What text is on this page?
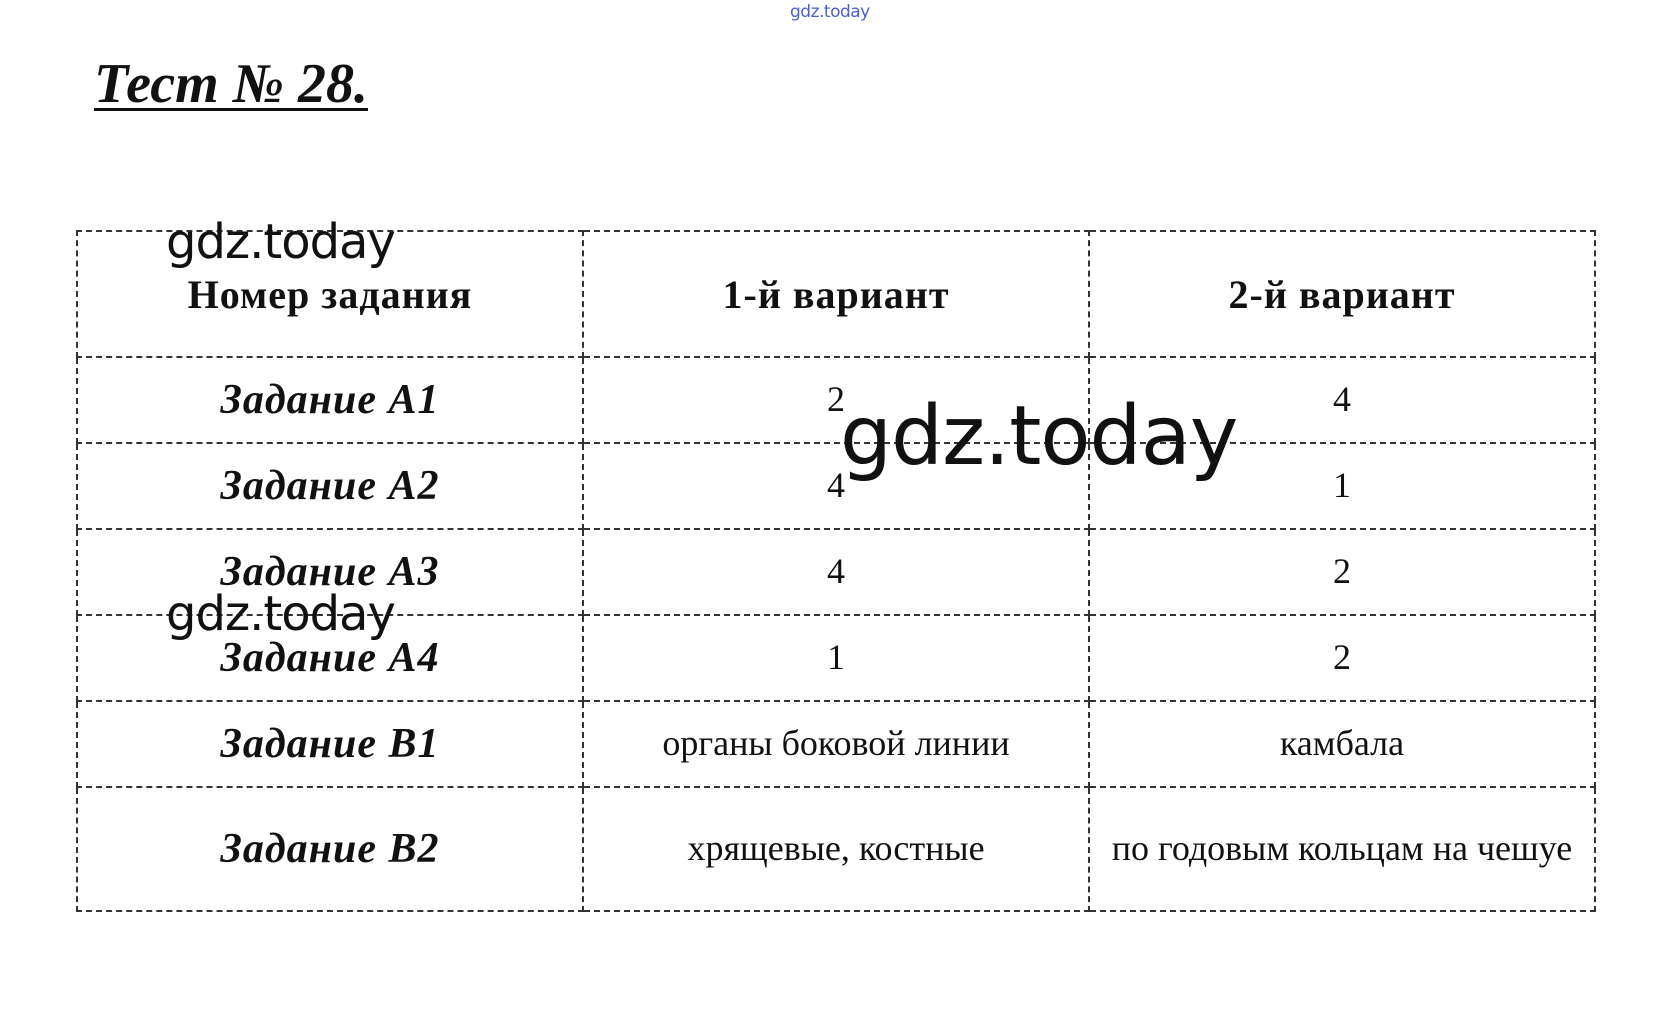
gdz.today
Тест № 28.
Номер задания	1-й вариант	2-й вариант
Задание А1	2	4
Задание А2	4	1
Задание А3	4	2
Задание А4	1	2
Задание В1	органы боковой линии	камбала
Задание В2	хрящевые, костные	по годовым кольцам на чешуе
gdz.today
gdz.today
gdz.today
